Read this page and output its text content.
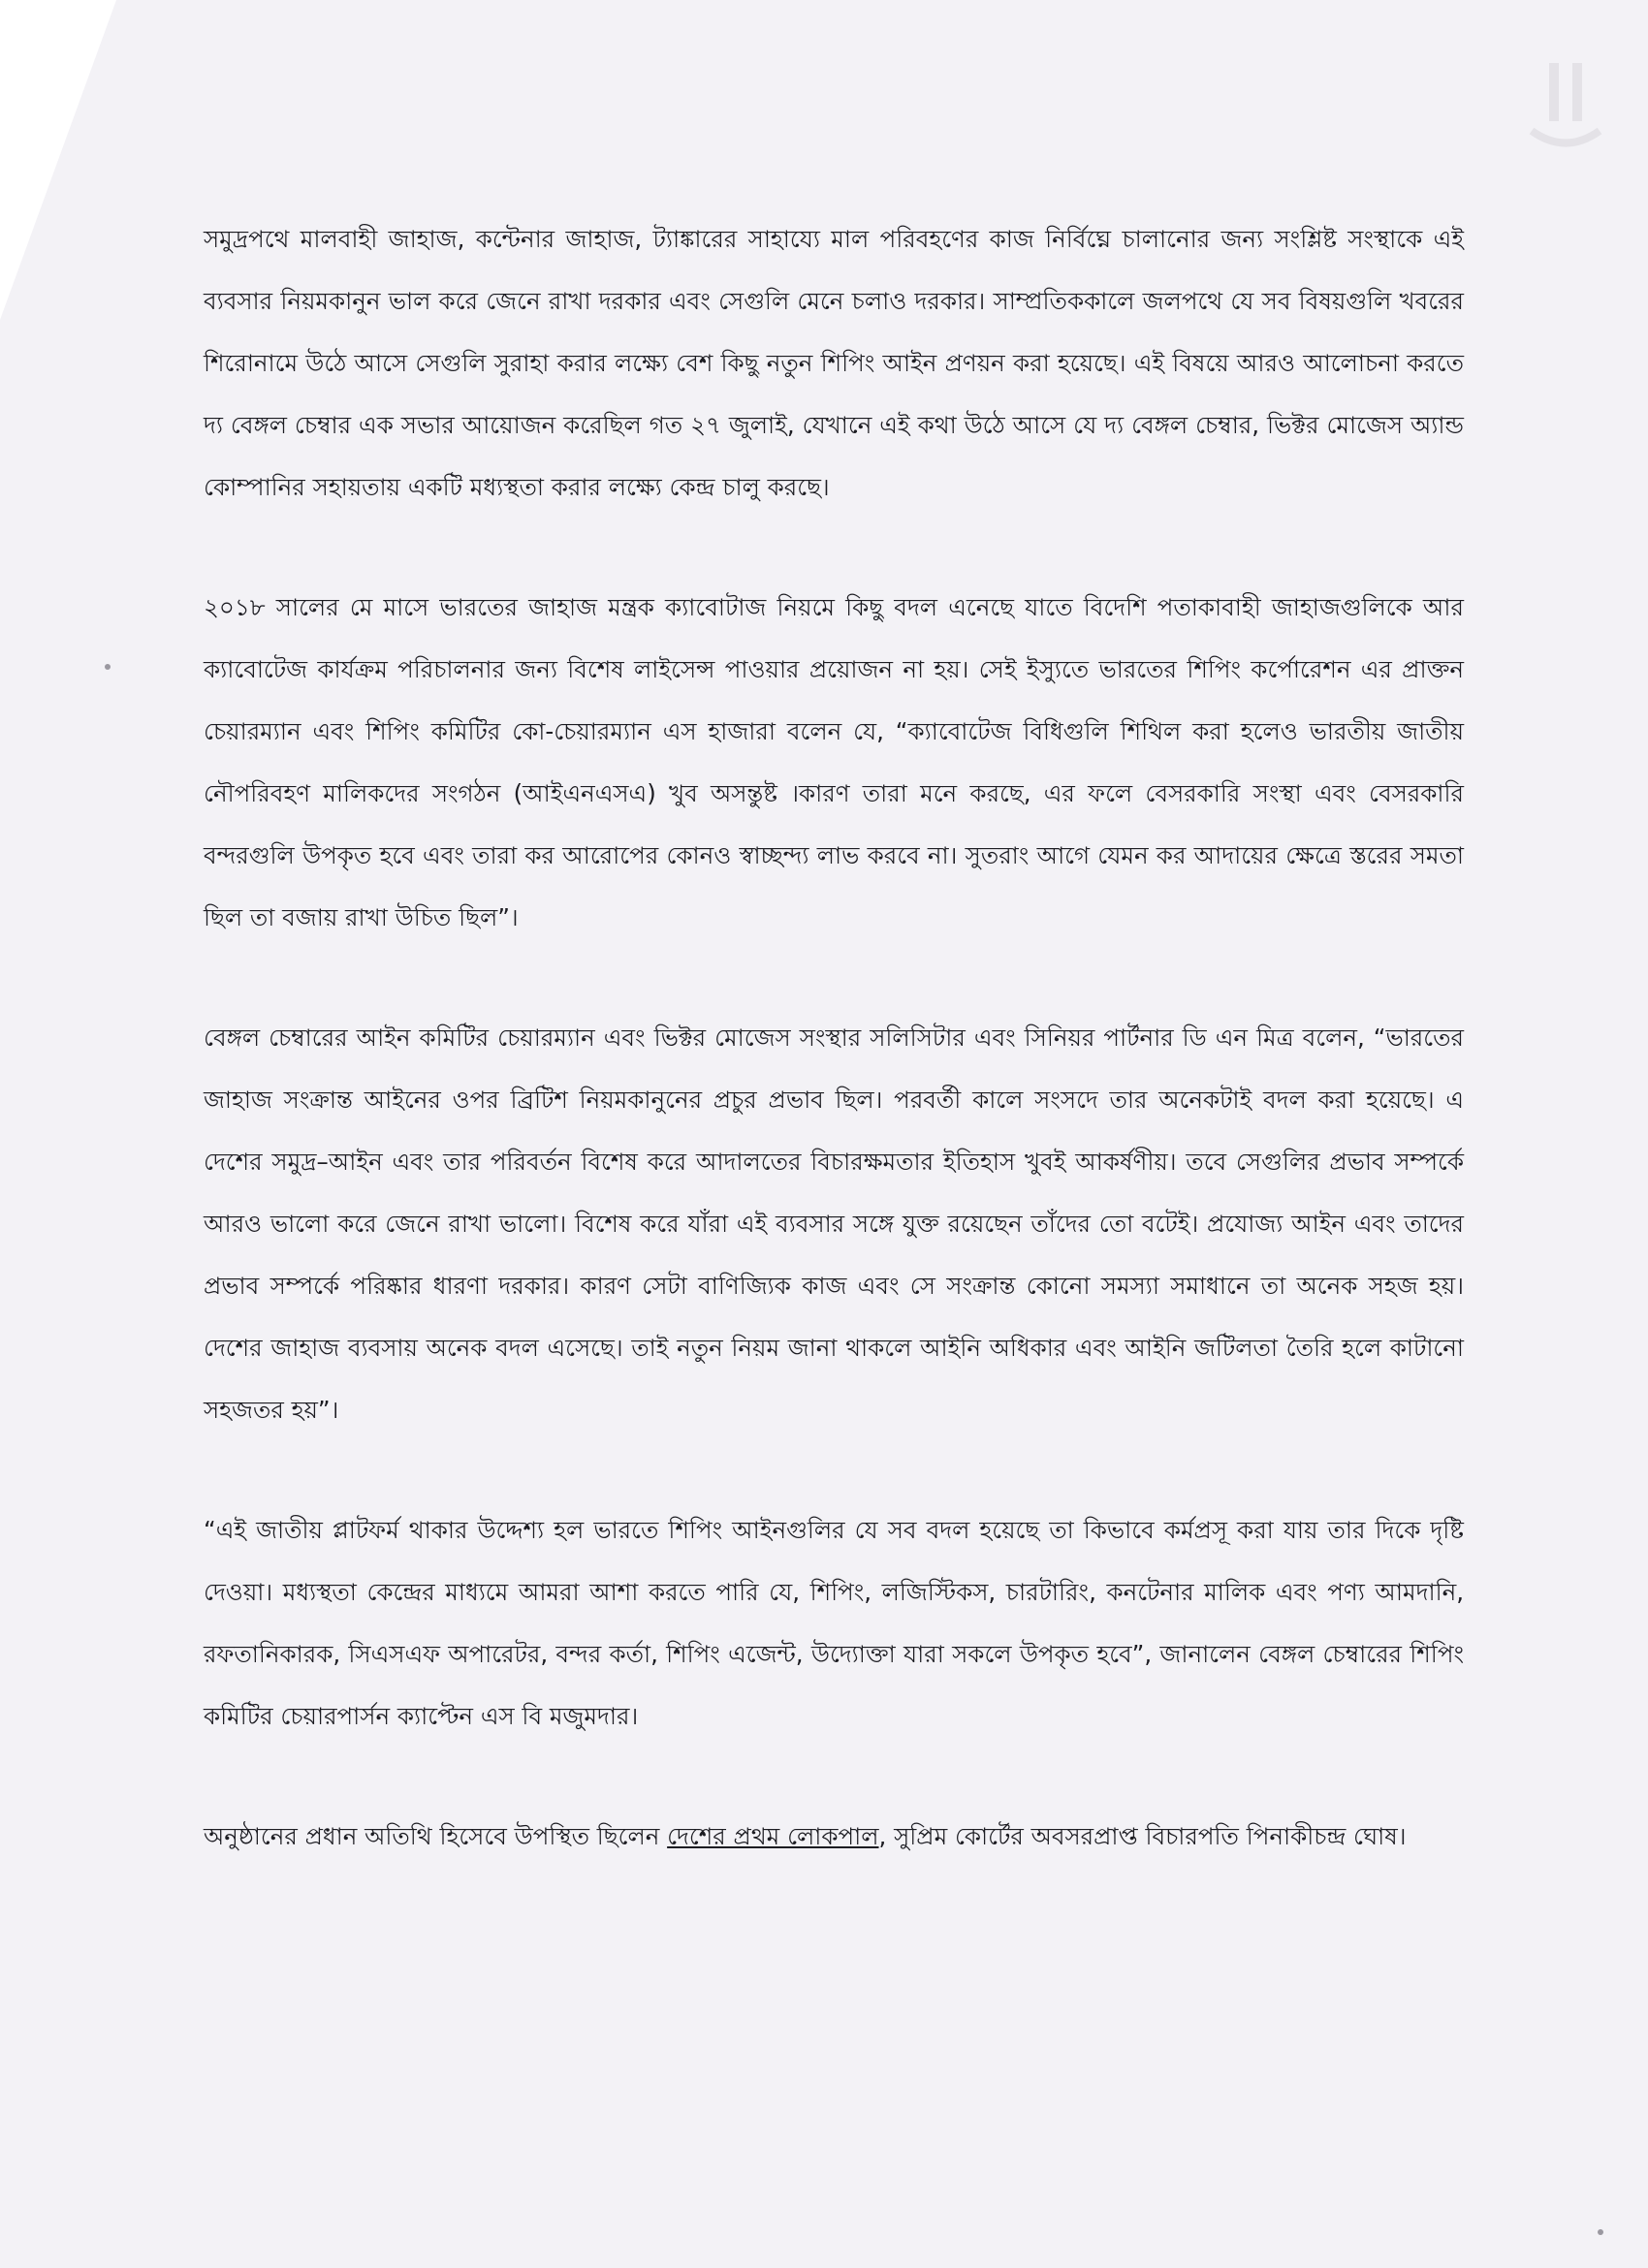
সমুদ্রপথে মালবাহী জাহাজ, কন্টেনার জাহাজ, ট্যাঙ্কারের সাহায্যে মাল পরিবহণের কাজ নির্বিঘ্নে চালানোর জন্য সংশ্লিষ্ট সংস্থাকে এই ব্যবসার নিয়মকানুন ভাল করে জেনে রাখা দরকার এবং সেগুলি মেনে চলাও দরকার। সাম্প্রতিককালে জলপথে যে সব বিষয়গুলি খবরের শিরোনামে উঠে আসে সেগুলি সুরাহা করার লক্ষ্যে বেশ কিছু নতুন শিপিং আইন প্রণয়ন করা হয়েছে। এই বিষয়ে আরও আলোচনা করতে দ্য বেঙ্গল চেম্বার এক সভার আয়োজন করেছিল গত ২৭ জুলাই, যেখানে এই কথা উঠে আসে যে দ্য বেঙ্গল চেম্বার, ভিক্টর মোজেস অ্যান্ড কোম্পানির সহায়তায় একটি মধ্যস্থতা করার লক্ষ্যে কেন্দ্র চালু করছে।

২০১৮ সালের মে মাসে ভারতের জাহাজ মন্ত্রক ক্যাবোটাজ নিয়মে কিছু বদল এনেছে যাতে বিদেশি পতাকাবাহী জাহাজগুলিকে আর ক্যাবোটেজ কার্যক্রম পরিচালনার জন্য বিশেষ লাইসেন্স পাওয়ার প্রয়োজন না হয়। সেই ইস্যুতে ভারতের শিপিং কর্পোরেশন এর প্রাক্তন চেয়ারম্যান এবং শিপিং কমিটির কো-চেয়ারম্যান এস হাজারা বলেন যে, “ক্যাবোটেজ বিধিগুলি শিথিল করা হলেও ভারতীয় জাতীয় নৌপরিবহণ মালিকদের সংগঠন (আইএনএসএ) খুব অসন্তুষ্ট ।কারণ তারা মনে করছে, এর ফলে বেসরকারি সংস্থা এবং বেসরকারি বন্দরগুলি উপকৃত হবে এবং তারা কর আরোপের কোনও স্বাচ্ছন্দ্য লাভ করবে না। সুতরাং আগে যেমন কর আদায়ের ক্ষেত্রে স্তরের সমতা ছিল তা বজায় রাখা উচিত ছিল”।

বেঙ্গল চেম্বারের আইন কমিটির চেয়ারম্যান এবং ভিক্টর মোজেস সংস্থার সলিসিটার এবং সিনিয়র পার্টনার ডি এন মিত্র বলেন, “ভারতের জাহাজ সংক্রান্ত আইনের ওপর ব্রিটিশ নিয়মকানুনের প্রচুর প্রভাব ছিল। পরবর্তী কালে সংসদে তার অনেকটাই বদল করা হয়েছে। এ দেশের সমুদ্র–আইন এবং তার পরিবর্তন বিশেষ করে আদালতের বিচারক্ষমতার ইতিহাস খুবই আকর্ষণীয়। তবে সেগুলির প্রভাব সম্পর্কে আরও ভালো করে জেনে রাখা ভালো। বিশেষ করে যাঁরা এই ব্যবসার সঙ্গে যুক্ত রয়েছেন তাঁদের তো বটেই। প্রযোজ্য আইন এবং তাদের প্রভাব সম্পর্কে পরিষ্কার ধারণা দরকার। কারণ সেটা বাণিজ্যিক কাজ এবং সে সংক্রান্ত কোনো সমস্যা সমাধানে তা অনেক সহজ হয়। দেশের জাহাজ ব্যবসায় অনেক বদল এসেছে। তাই নতুন নিয়ম জানা থাকলে আইনি অধিকার এবং আইনি জটিলতা তৈরি হলে কাটানো সহজতর হয়”।

“এই জাতীয় প্লাটফর্ম থাকার উদ্দেশ্য হল ভারতে শিপিং আইনগুলির যে সব বদল হয়েছে তা কিভাবে কর্মপ্রসূ করা যায় তার দিকে দৃষ্টি দেওয়া। মধ্যস্থতা কেন্দ্রের মাধ্যমে আমরা আশা করতে পারি যে, শিপিং, লজিস্টিকস, চারটারিং, কনটেনার মালিক এবং পণ্য আমদানি, রফতানিকারক, সিএসএফ অপারেটর, বন্দর কর্তা, শিপিং এজেন্ট, উদ্যোক্তা যারা সকলে উপকৃত হবে”, জানালেন বেঙ্গল চেম্বারের শিপিং কমিটির চেয়ারপার্সন ক্যাপ্টেন এস বি মজুমদার।

অনুষ্ঠানের প্রধান অতিথি হিসেবে উপস্থিত ছিলেন দেশের প্রথম লোকপাল, সুপ্রিম কোর্টের অবসরপ্রাপ্ত বিচারপতি পিনাকীচন্দ্র ঘোষ।
